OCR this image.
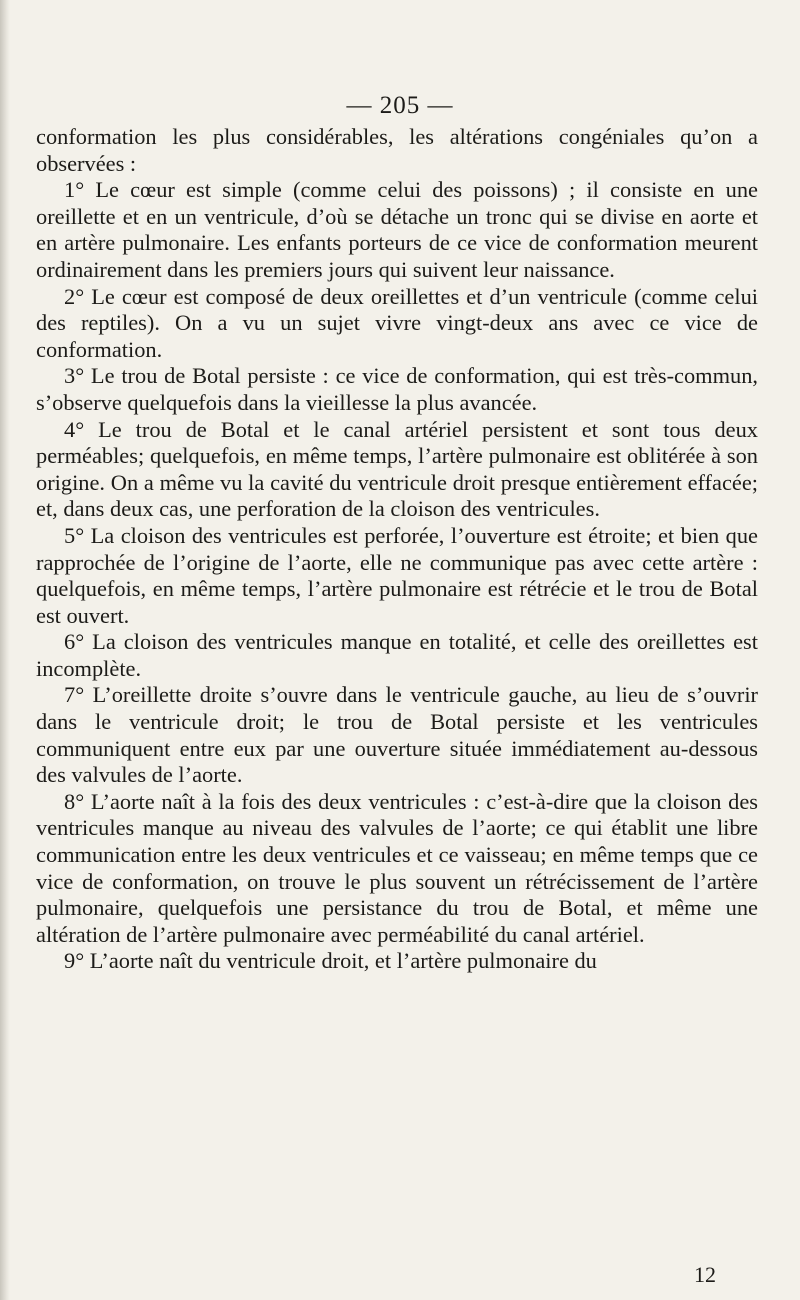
— 205 —

conformation les plus considérables, les altérations congéniales qu’on a observées :

1° Le cœur est simple (comme celui des poissons) ; il consiste en une oreillette et en un ventricule, d’où se détache un tronc qui se divise en aorte et en artère pulmonaire. Les enfants porteurs de ce vice de conformation meurent ordinairement dans les premiers jours qui suivent leur naissance.

2° Le cœur est composé de deux oreillettes et d’un ventricule (comme celui des reptiles). On a vu un sujet vivre vingt-deux ans avec ce vice de conformation.

3° Le trou de Botal persiste : ce vice de conformation, qui est très-commun, s’observe quelquefois dans la vieillesse la plus avancée.

4° Le trou de Botal et le canal artériel persistent et sont tous deux perméables; quelquefois, en même temps, l’artère pulmonaire est oblitérée à son origine. On a même vu la cavité du ventricule droit presque entièrement effacée; et, dans deux cas, une perforation de la cloison des ventricules.

5° La cloison des ventricules est perforée, l’ouverture est étroite; et bien que rapprochée de l’origine de l’aorte, elle ne communique pas avec cette artère : quelquefois, en même temps, l’artère pulmonaire est rétrécie et le trou de Botal est ouvert.

6° La cloison des ventricules manque en totalité, et celle des oreillettes est incomplète.

7° L’oreillette droite s’ouvre dans le ventricule gauche, au lieu de s’ouvrir dans le ventricule droit; le trou de Botal persiste et les ventricules communiquent entre eux par une ouverture située immédiatement au-dessous des valvules de l’aorte.

8° L’aorte naît à la fois des deux ventricules : c’est-à-dire que la cloison des ventricules manque au niveau des valvules de l’aorte; ce qui établit une libre communication entre les deux ventricules et ce vaisseau; en même temps que ce vice de conformation, on trouve le plus souvent un rétrécissement de l’artère pulmonaire, quelquefois une persistance du trou de Botal, et même une altération de l’artère pulmonaire avec perméabilité du canal artériel.

9° L’aorte naît du ventricule droit, et l’artère pulmonaire du

12
